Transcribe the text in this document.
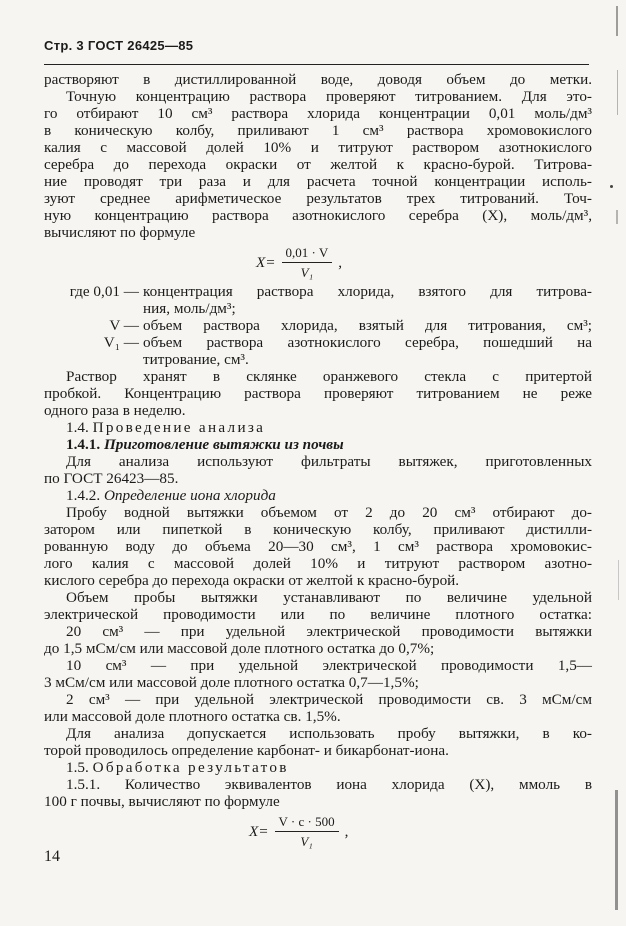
Стр. 3 ГОСТ 26425—85
растворяют в дистиллированной воде, доводя объем до метки.
Точную концентрацию раствора проверяют титрованием. Для это-
го отбирают 10 см³ раствора хлорида концентрации 0,01 моль/дм³
в коническую колбу, приливают 1 см³ раствора хромовокислого
калия с массовой долей 10% и титруют раствором азотнокислого
серебра до перехода окраски от желтой к красно-бурой. Титрова-
ние проводят три раза и для расчета точной концентрации исполь-
зуют среднее арифметическое результатов трех титрований. Точ-
ную концентрацию раствора азотнокислого серебра (X), моль/дм³,
вычисляют по формуле
$X= \frac{0,01 \cdot V}{\text{V₁}}$ ,
где 0,01 — концентрация раствора хлорида, взятого для титрова-
ния, моль/дм³;
V — объем раствора хлорида, взятый для титрования, см³;
V₁ — объем раствора азотнокислого серебра, пошедший на
титрование, см³.
Раствор хранят в склянке оранжевого стекла с притертой
пробкой. Концентрацию раствора проверяют титрованием не реже
одного раза в неделю.
1.4. Проведение анализа
1.4.1. Приготовление вытяжки из почвы
Для анализа используют фильтраты вытяжек, приготовленных
по ГОСТ 26423—85.
1.4.2. Определение иона хлорида
Пробу водной вытяжки объемом от 2 до 20 см³ отбирают до-
затором или пипеткой в коническую колбу, приливают дистилли-
рованную воду до объема 20—30 см³, 1 см³ раствора хромовокис-
лого калия с массовой долей 10% и титруют раствором азотно-
кислого серебра до перехода окраски от желтой к красно-бурой.
Объем пробы вытяжки устанавливают по величине удельной
электрической проводимости или по величине плотного остатка:
20 см³ — при удельной электрической проводимости вытяжки
до 1,5 мСм/см или массовой доле плотного остатка до 0,7%;
10 см³ — при удельной электрической проводимости 1,5—
3 мСм/см или массовой доле плотного остатка 0,7—1,5%;
2 см³ — при удельной электрической проводимости св. 3 мСм/см
или массовой доле плотного остатка св. 1,5%.
Для анализа допускается использовать пробу вытяжки, в ко-
торой проводилось определение карбонат- и бикарбонат-иона.
1.5. Обработка результатов
1.5.1. Количество эквивалентов иона хлорида (X), ммоль в
100 г почвы, вычисляют по формуле
$X= \frac{V \cdot c \cdot 500}{\text{V₁}}$ ,
14
